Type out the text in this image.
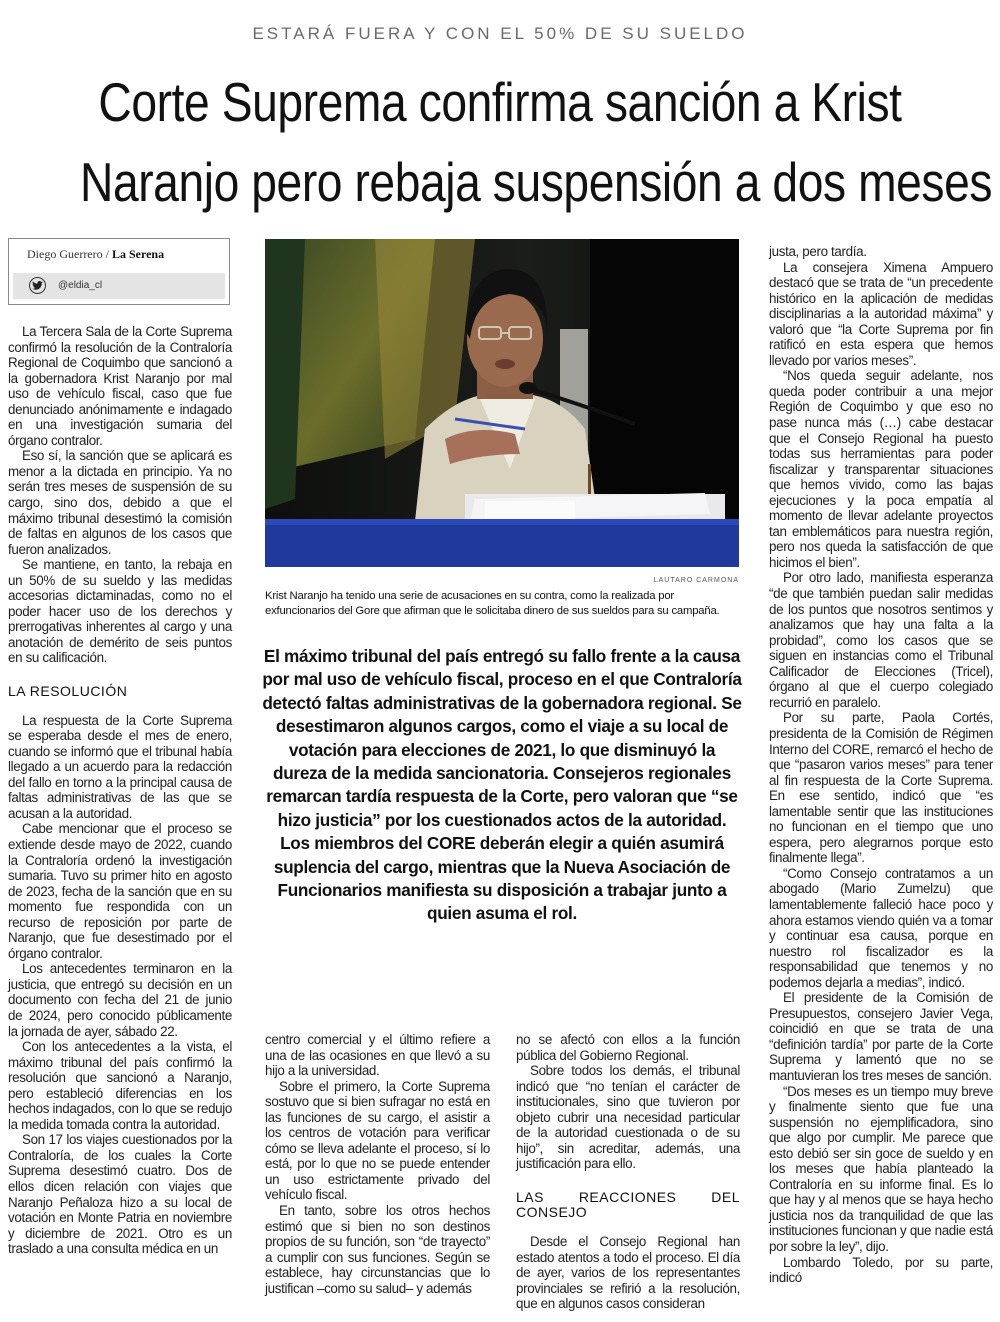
ESTARÁ FUERA Y CON EL 50% DE SU SUELDO
Corte Suprema confirma sanción a Krist
Naranjo pero rebaja suspensión a dos meses
Diego Guerrero / La Serena
@eldia_cl

La Tercera Sala de la Corte Suprema confirmó la resolución de la Contraloría Regional de Coquimbo que sancionó a la gobernadora Krist Naranjo por mal uso de vehículo fiscal, caso que fue denunciado anónimamente e indagado en una investigación sumaria del órgano contralor.

Eso sí, la sanción que se aplicará es menor a la dictada en principio. Ya no serán tres meses de suspensión de su cargo, sino dos, debido a que el máximo tribunal desestimó la comisión de faltas en algunos de los casos que fueron analizados.

Se mantiene, en tanto, la rebaja en un 50% de su sueldo y las medidas accesorias dictaminadas, como no el poder hacer uso de los derechos y prerrogativas inherentes al cargo y una anotación de demérito de seis puntos en su calificación.

LA RESOLUCIÓN

La respuesta de la Corte Suprema se esperaba desde el mes de enero, cuando se informó que el tribunal había llegado a un acuerdo para la redacción del fallo en torno a la principal causa de faltas administrativas de las que se acusan a la autoridad.

Cabe mencionar que el proceso se extiende desde mayo de 2022, cuando la Contraloría ordenó la investigación sumaria. Tuvo su primer hito en agosto de 2023, fecha de la sanción que en su momento fue respondida con un recurso de reposición por parte de Naranjo, que fue desestimado por el órgano contralor.

Los antecedentes terminaron en la justicia, que entregó su decisión en un documento con fecha del 21 de junio de 2024, pero conocido públicamente la jornada de ayer, sábado 22.

Con los antecedentes a la vista, el máximo tribunal del país confirmó la resolución que sancionó a Naranjo, pero estableció diferencias en los hechos indagados, con lo que se redujo la medida tomada contra la autoridad.

Son 17 los viajes cuestionados por la Contraloría, de los cuales la Corte Suprema desestimó cuatro. Dos de ellos dicen relación con viajes que Naranjo Peñaloza hizo a su local de votación en Monte Patria en noviembre y diciembre de 2021. Otro es un traslado a una consulta médica en un

LAUTARO CARMONA
Krist Naranjo ha tenido una serie de acusaciones en su contra, como la realizada por exfuncionarios del Gore que afirman que le solicitaba dinero de sus sueldos para su campaña.
El máximo tribunal del país entregó su fallo frente a la causa por mal uso de vehículo fiscal, proceso en el que Contraloría detectó faltas administrativas de la gobernadora regional. Se desestimaron algunos cargos, como el viaje a su local de votación para elecciones de 2021, lo que disminuyó la dureza de la medida sancionatoria. Consejeros regionales remarcan tardía respuesta de la Corte, pero valoran que “se hizo justicia” por los cuestionados actos de la autoridad. Los miembros del CORE deberán elegir a quién asumirá suplencia del cargo, mientras que la Nueva Asociación de Funcionarios manifiesta su disposición a trabajar junto a quien asuma el rol.

centro comercial y el último refiere a una de las ocasiones en que llevó a su hijo a la universidad.

Sobre el primero, la Corte Suprema sostuvo que si bien sufragar no está en las funciones de su cargo, el asistir a los centros de votación para verificar cómo se lleva adelante el proceso, sí lo está, por lo que no se puede entender un uso estrictamente privado del vehículo fiscal.

En tanto, sobre los otros hechos estimó que si bien no son destinos propios de su función, son “de trayecto” a cumplir con sus funciones. Según se establece, hay circunstancias que lo justifican –como su salud– y además

no se afectó con ellos a la función pública del Gobierno Regional.

Sobre todos los demás, el tribunal indicó que “no tenían el carácter de institucionales, sino que tuvieron por objeto cubrir una necesidad particular de la autoridad cuestionada o de su hijo”, sin acreditar, además, una justificación para ello.

LAS REACCIONES DEL CONSEJO

Desde el Consejo Regional han estado atentos a todo el proceso. El día de ayer, varios de los representantes provinciales se refirió a la resolución, que en algunos casos consideran

justa, pero tardía.

La consejera Ximena Ampuero destacó que se trata de “un precedente histórico en la aplicación de medidas disciplinarias a la autoridad máxima” y valoró que “la Corte Suprema por fin ratificó en esta espera que hemos llevado por varios meses”.

“Nos queda seguir adelante, nos queda poder contribuir a una mejor Región de Coquimbo y que eso no pase nunca más (…) cabe destacar que el Consejo Regional ha puesto todas sus herramientas para poder fiscalizar y transparentar situaciones que hemos vivido, como las bajas ejecuciones y la poca empatía al momento de llevar adelante proyectos tan emblemáticos para nuestra región, pero nos queda la satisfacción de que hicimos el bien”.

Por otro lado, manifiesta esperanza “de que también puedan salir medidas de los puntos que nosotros sentimos y analizamos que hay una falta a la probidad”, como los casos que se siguen en instancias como el Tribunal Calificador de Elecciones (Tricel), órgano al que el cuerpo colegiado recurrió en paralelo.

Por su parte, Paola Cortés, presidenta de la Comisión de Régimen Interno del CORE, remarcó el hecho de que “pasaron varios meses” para tener al fin respuesta de la Corte Suprema. En ese sentido, indicó que “es lamentable sentir que las instituciones no funcionan en el tiempo que uno espera, pero alegrarnos porque esto finalmente llega”.

“Como Consejo contratamos a un abogado (Mario Zumelzu) que lamentablemente falleció hace poco y ahora estamos viendo quién va a tomar y continuar esa causa, porque en nuestro rol fiscalizador es la responsabilidad que tenemos y no podemos dejarla a medias”, indicó.

El presidente de la Comisión de Presupuestos, consejero Javier Vega, coincidió en que se trata de una “definición tardía” por parte de la Corte Suprema y lamentó que no se mantuvieran los tres meses de sanción.

“Dos meses es un tiempo muy breve y finalmente siento que fue una suspensión no ejemplificadora, sino que algo por cumplir. Me parece que esto debió ser sin goce de sueldo y en los meses que había planteado la Contraloría en su informe final. Es lo que hay y al menos que se haya hecho justicia nos da tranquilidad de que las instituciones funcionan y que nadie está por sobre la ley”, dijo.

Lombardo Toledo, por su parte, indicó
